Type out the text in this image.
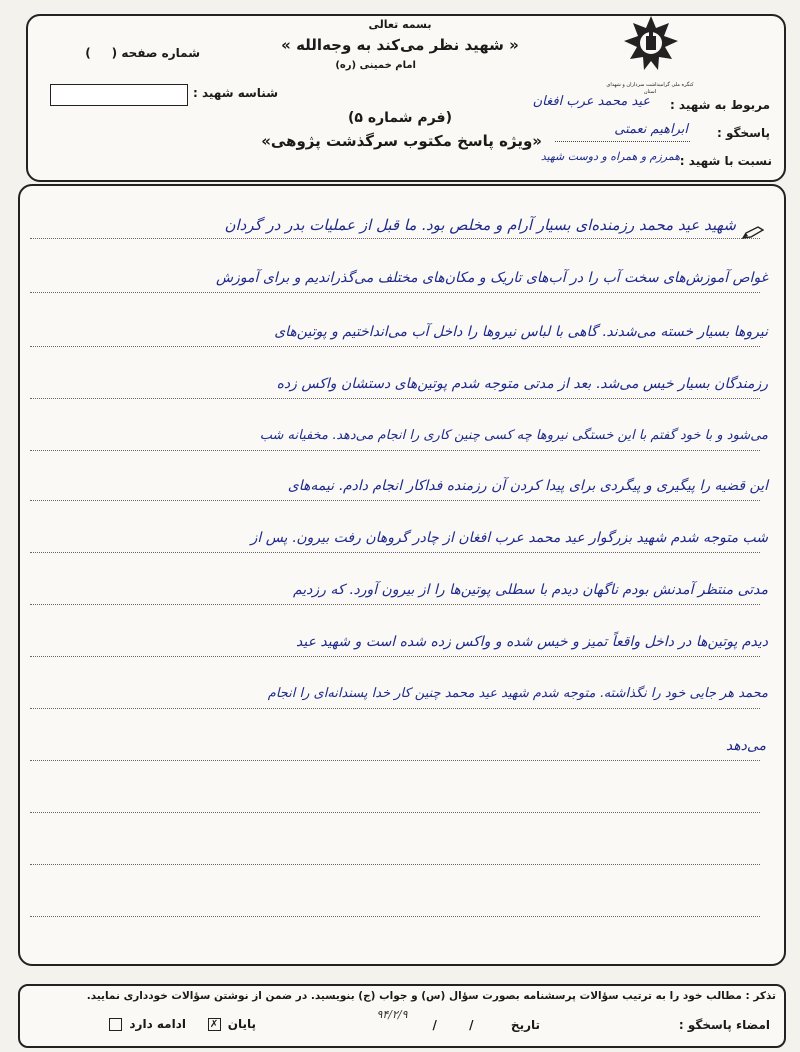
کنگره ملی گرامیداشت سرداران و شهدای استان
بسمه تعالی
« شهید نظر می‌کند به وجه‌الله »
امام خمینی (ره)
شماره صفحه (     )
شناسه شهید :
(فرم شماره ۵)
«ویژه پاسخ مکتوب سرگذشت پژوهی»
مربوط به شهید :
عید محمد عرب افغان
پاسخگو :
ابراهیم نعمتی
نسبت با شهید :
همرزم و همراه و دوست شهید
شهید عید محمد رزمنده‌ای بسیار آرام و مخلص بود. ما قبل از عملیات بدر در گردان
غواص آموزش‌های سخت آب را در آب‌های تاریک و مکان‌های مختلف می‌گذراندیم و برای آموزش
نیروها بسیار خسته می‌شدند. گاهی با لباس نیروها را داخل آب می‌انداختیم و پوتین‌های
رزمندگان بسیار خیس می‌شد. بعد از مدتی متوجه شدم پوتین‌های دستشان واکس زده
می‌شود و با خود گفتم با این خستگی نیروها چه کسی چنین کاری را انجام می‌دهد. مخفیانه شب
این قضیه را پیگیری و پیگردی برای پیدا کردن آن رزمنده فداکار انجام دادم. نیمه‌های
شب متوجه شدم شهید بزرگوار عید محمد عرب افغان از چادر گروهان رفت بیرون. پس از
مدتی منتظر آمدنش بودم ناگهان دیدم با سطلی پوتین‌ها را از بیرون آورد. که رزدیم
دیدم پوتین‌ها در داخل واقعاً تمیز و خیس شده و واکس زده شده است و شهید عید
محمد هر جایی خود را نگذاشته. متوجه شدم شهید عید محمد چنین کار خدا پسندانه‌ای را انجام
می‌دهد
تذکر : مطالب خود را به ترتیب سؤالات پرسشنامه بصورت سؤال (س) و جواب (ج) بنویسید. در ضمن از نوشتن سؤالات خودداری نمایید.
امضاء پاسخگو :
تاریخ
/ /
۹۴/۲/۹
پایان ✗
ادامه دارد
